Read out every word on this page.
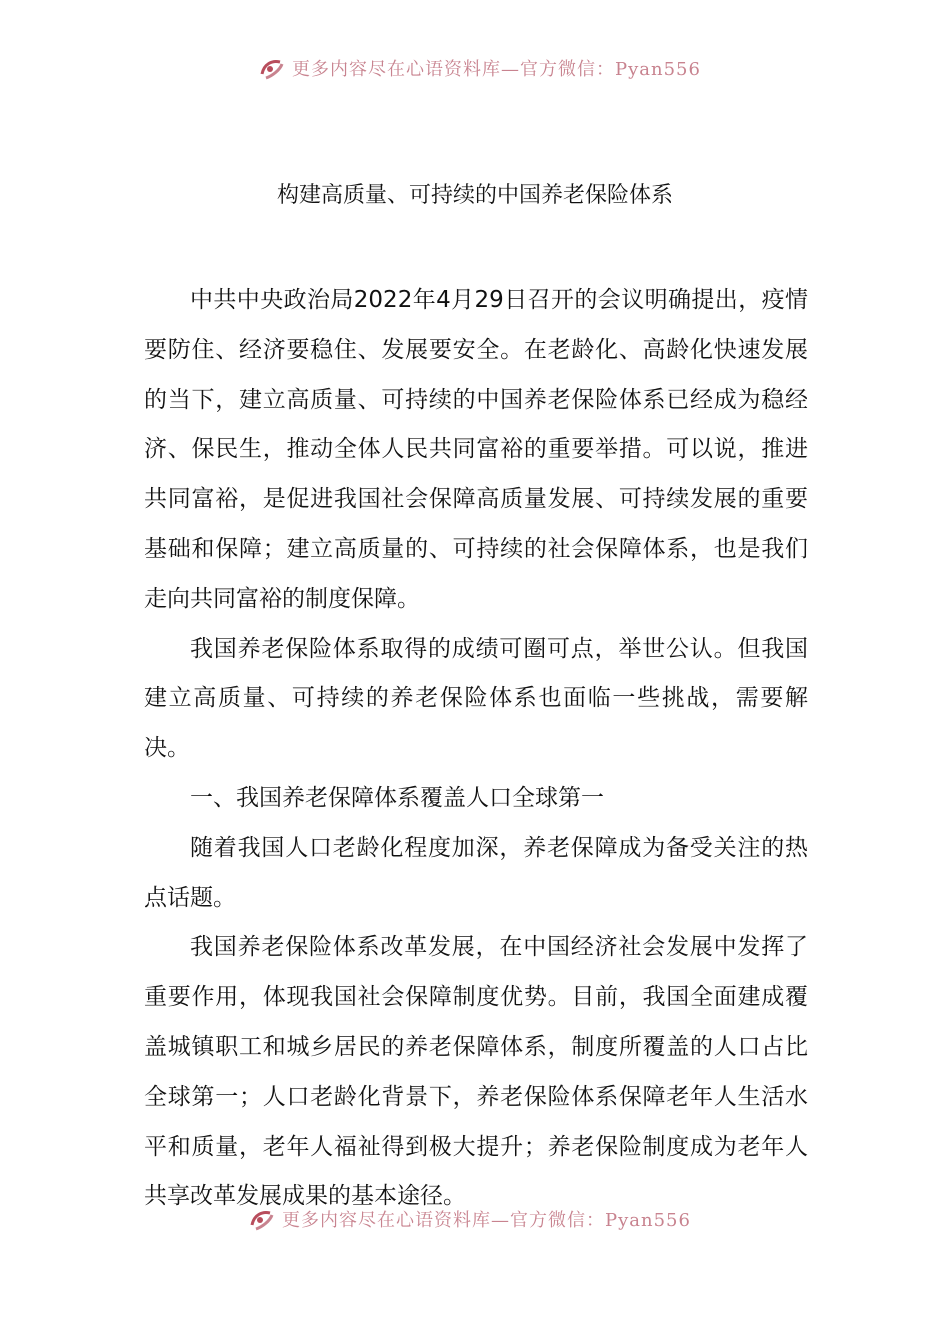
更多内容尽在心语资料库—官方微信：Pyan556
构建高质量、可持续的中国养老保险体系

中共中央政治局2022年4月29日召开的会议明确提出，疫情要防住、经济要稳住、发展要安全。在老龄化、高龄化快速发展的当下，建立高质量、可持续的中国养老保险体系已经成为稳经济、保民生，推动全体人民共同富裕的重要举措。可以说，推进共同富裕，是促进我国社会保障高质量发展、可持续发展的重要基础和保障；建立高质量的、可持续的社会保障体系，也是我们走向共同富裕的制度保障。

我国养老保险体系取得的成绩可圈可点，举世公认。但我国建立高质量、可持续的养老保险体系也面临一些挑战，需要解决。

一、我国养老保障体系覆盖人口全球第一

随着我国人口老龄化程度加深，养老保障成为备受关注的热点话题。

我国养老保险体系改革发展，在中国经济社会发展中发挥了重要作用，体现我国社会保障制度优势。目前，我国全面建成覆盖城镇职工和城乡居民的养老保障体系，制度所覆盖的人口占比全球第一；人口老龄化背景下，养老保险体系保障老年人生活水平和质量，老年人福祉得到极大提升；养老保险制度成为老年人共享改革发展成果的基本途径。

更多内容尽在心语资料库—官方微信：Pyan556
